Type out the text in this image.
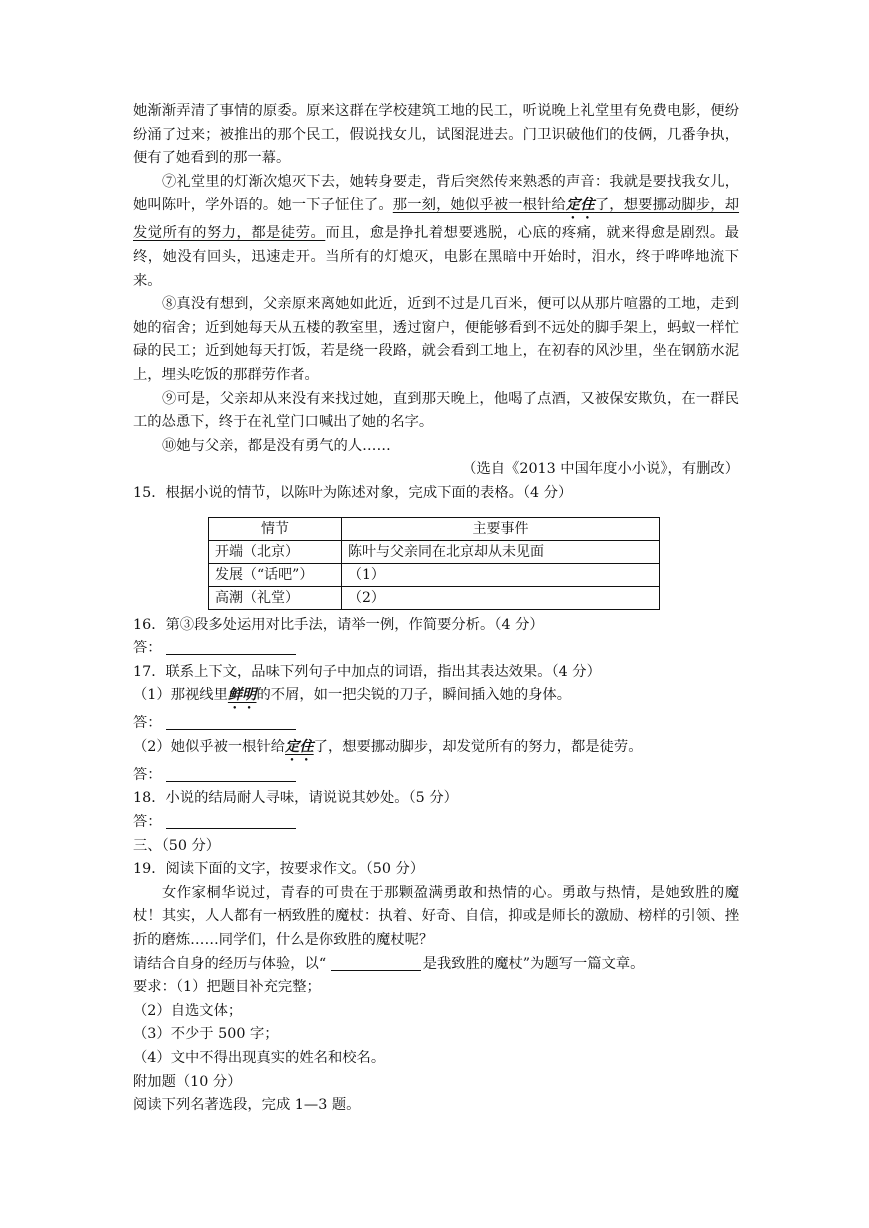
她渐渐弄清了事情的原委。原来这群在学校建筑工地的民工，听说晚上礼堂里有免费电影，便纷纷涌了过来；被推出的那个民工，假说找女儿，试图混进去。门卫识破他们的伎俩，几番争执，便有了她看到的那一幕。

⑦礼堂里的灯渐次熄灭下去，她转身要走，背后突然传来熟悉的声音：我就是要找我女儿，她叫陈叶，学外语的。她一下子怔住了。那一刻，她似乎被一根针给定住了，想要挪动脚步，却发觉所有的努力，都是徒劳。而且，愈是挣扎着想要逃脱，心底的疼痛，就来得愈是剧烈。最终，她没有回头，迅速走开。当所有的灯熄灭，电影在黑暗中开始时，泪水，终于哗哗地流下来。

⑧真没有想到，父亲原来离她如此近，近到不过是几百米，便可以从那片喧嚣的工地，走到她的宿舍；近到她每天从五楼的教室里，透过窗户，便能够看到不远处的脚手架上，蚂蚁一样忙碌的民工；近到她每天打饭，若是绕一段路，就会看到工地上，在初春的风沙里，坐在钢筋水泥上，埋头吃饭的那群劳作者。

⑨可是，父亲却从来没有来找过她，直到那天晚上，他喝了点酒，又被保安欺负，在一群民工的怂恿下，终于在礼堂门口喊出了她的名字。

⑩她与父亲，都是没有勇气的人……

（选自《2013 中国年度小小说》，有删改）

15．根据小说的情节，以陈叶为陈述对象，完成下面的表格。（4 分）

情节	主要事件
开端（北京）	陈叶与父亲同在北京却从未见面
发展（“话吧”）	（1）
高潮（礼堂）	（2）

16．第③段多处运用对比手法，请举一例，作简要分析。（4 分）

答：

17．联系上下文，品味下列句子中加点的词语，指出其表达效果。（4 分）

（1）那视线里鲜明的不屑，如一把尖锐的刀子，瞬间插入她的身体。

答：

（2）她似乎被一根针给定住了，想要挪动脚步，却发觉所有的努力，都是徒劳。

答：

18．小说的结局耐人寻味，请说说其妙处。（5 分）

答：

三、（50 分）

19．阅读下面的文字，按要求作文。（50 分）

女作家桐华说过，青春的可贵在于那颗盈满勇敢和热情的心。勇敢与热情，是她致胜的魔杖！其实，人人都有一柄致胜的魔杖：执着、好奇、自信，抑或是师长的激励、榜样的引领、挫折的磨炼……同学们，什么是你致胜的魔杖呢？

请结合自身的经历与体验，以“	是我致胜的魔杖”为题写一篇文章。

要求：（1）把题目补充完整；

（2）自选文体；

（3）不少于 500 字；

（4）文中不得出现真实的姓名和校名。

附加题（10 分）

阅读下列名著选段，完成 1—3 题。
